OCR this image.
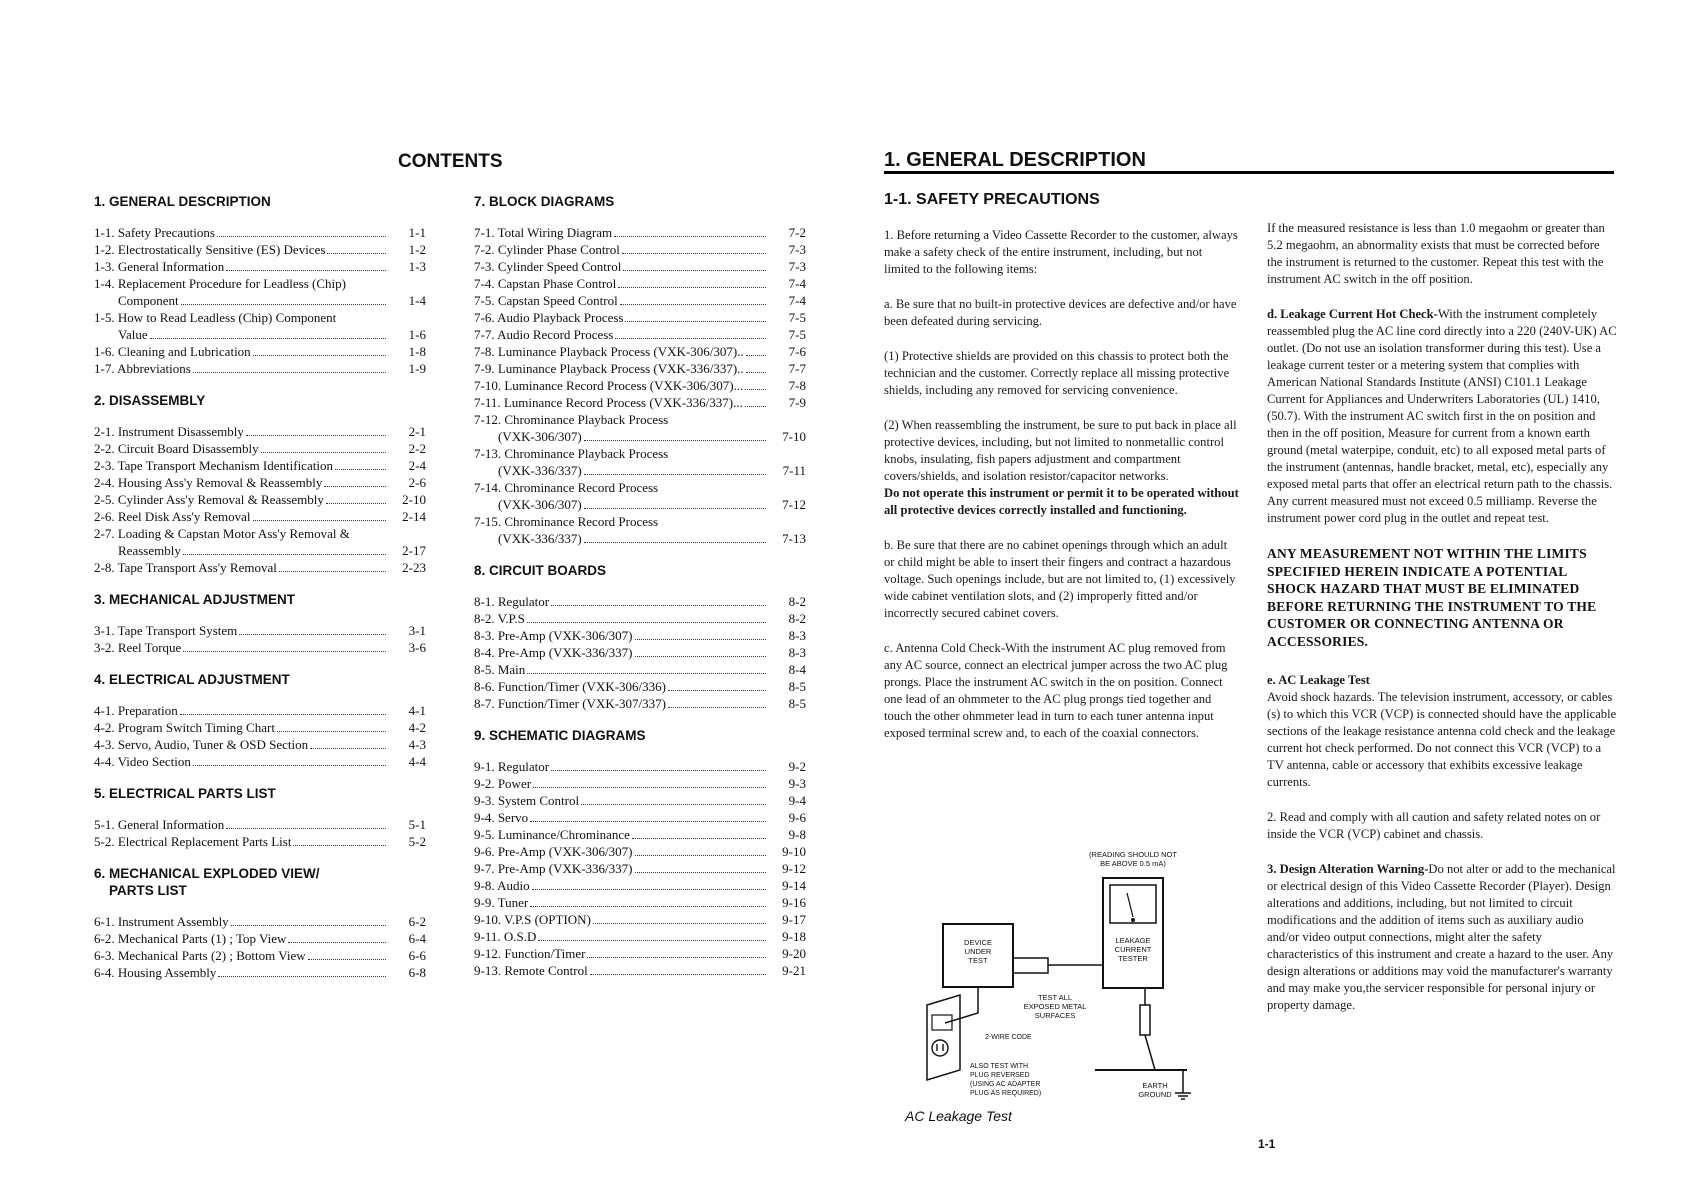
CONTENTS
1. GENERAL DESCRIPTION
1-1. Safety Precautions	1-1
1-2. Electrostatically Sensitive (ES) Devices	1-2
1-3. General Information	1-3
1-4. Replacement Procedure for Leadless (Chip)
Component	1-4
1-5. How to Read Leadless (Chip) Component
Value	1-6
1-6. Cleaning and Lubrication	1-8
1-7. Abbreviations	1-9
2. DISASSEMBLY
2-1. Instrument Disassembly	2-1
2-2. Circuit Board Disassembly	2-2
2-3. Tape Transport Mechanism Identification	2-4
2-4. Housing Ass'y Removal & Reassembly	2-6
2-5. Cylinder Ass'y Removal & Reassembly	2-10
2-6. Reel Disk Ass'y Removal	2-14
2-7. Loading & Capstan Motor Ass'y Removal &
Reassembly	2-17
2-8. Tape Transport Ass'y Removal	2-23
3. MECHANICAL ADJUSTMENT
3-1. Tape Transport System	3-1
3-2. Reel Torque	3-6
4. ELECTRICAL ADJUSTMENT
4-1. Preparation	4-1
4-2. Program Switch Timing Chart	4-2
4-3. Servo, Audio, Tuner & OSD Section	4-3
4-4. Video Section	4-4
5. ELECTRICAL PARTS LIST
5-1. General Information	5-1
5-2. Electrical Replacement Parts List	5-2
6. MECHANICAL EXPLODED VIEW/
PARTS LIST
6-1. Instrument Assembly	6-2
6-2. Mechanical Parts (1) ; Top View	6-4
6-3. Mechanical Parts (2) ; Bottom View	6-6
6-4. Housing Assembly	6-8
7. BLOCK DIAGRAMS
7-1. Total Wiring Diagram	7-2
7-2. Cylinder Phase Control	7-3
7-3. Cylinder Speed Control	7-3
7-4. Capstan Phase Control	7-4
7-5. Capstan Speed Control	7-4
7-6. Audio Playback Process	7-5
7-7. Audio Record Process	7-5
7-8. Luminance Playback Process (VXK-306/307)..	7-6
7-9. Luminance Playback Process (VXK-336/337)..	7-7
7-10. Luminance Record Process (VXK-306/307)...	7-8
7-11. Luminance Record Process (VXK-336/337)...	7-9
7-12. Chrominance Playback Process
(VXK-306/307)	7-10
7-13. Chrominance Playback Process
(VXK-336/337)	7-11
7-14. Chrominance Record Process
(VXK-306/307)	7-12
7-15. Chrominance Record Process
(VXK-336/337)	7-13
8. CIRCUIT BOARDS
8-1. Regulator	8-2
8-2. V.P.S	8-2
8-3. Pre-Amp (VXK-306/307)	8-3
8-4. Pre-Amp (VXK-336/337)	8-3
8-5. Main	8-4
8-6. Function/Timer (VXK-306/336)	8-5
8-7. Function/Timer (VXK-307/337)	8-5
9. SCHEMATIC DIAGRAMS
9-1. Regulator	9-2
9-2. Power	9-3
9-3. System Control	9-4
9-4. Servo	9-6
9-5. Luminance/Chrominance	9-8
9-6. Pre-Amp (VXK-306/307)	9-10
9-7. Pre-Amp (VXK-336/337)	9-12
9-8. Audio	9-14
9-9. Tuner	9-16
9-10. V.P.S (OPTION)	9-17
9-11. O.S.D	9-18
9-12. Function/Timer	9-20
9-13. Remote Control	9-21
1. GENERAL DESCRIPTION
1-1. SAFETY PRECAUTIONS

1. Before returning a Video Cassette Recorder to the customer, always make a safety check of the entire instrument, including, but not limited to the following items:

a. Be sure that no built-in protective devices are defective and/or have been defeated during servicing.

(1) Protective shields are provided on this chassis to protect both the technician and the customer. Correctly replace all missing protective shields, including any removed for servicing convenience.

(2) When reassembling the instrument, be sure to put back in place all protective devices, including, but not limited to nonmetallic control knobs, insulating, fish papers adjustment and compartment covers/shields, and isolation resistor/capacitor networks.

Do not operate this instrument or permit it to be operated without all protective devices correctly installed and functioning.

b. Be sure that there are no cabinet openings through which an adult or child might be able to insert their fingers and contract a hazardous voltage. Such openings include, but are not limited to, (1) excessively wide cabinet ventilation slots, and (2) improperly fitted and/or incorrectly secured cabinet covers.

c. Antenna Cold Check-With the instrument AC plug removed from any AC source, connect an electrical jumper across the two AC plug prongs. Place the instrument AC switch in the on position. Connect one lead of an ohmmeter to the AC plug prongs tied together and touch the other ohmmeter lead in turn to each tuner antenna input exposed terminal screw and, to each of the coaxial connectors.

If the measured resistance is less than 1.0 megaohm or greater than 5.2 megaohm, an abnormality exists that must be corrected before the instrument is returned to the customer. Repeat this test with the instrument AC switch in the off position.

d. Leakage Current Hot Check-With the instrument completely reassembled plug the AC line cord directly into a 220 (240V-UK) AC outlet. (Do not use an isolation transformer during this test). Use a leakage current tester or a metering system that complies with American National Standards Institute (ANSI) C101.1 Leakage Current for Appliances and Underwriters Laboratories (UL) 1410, (50.7). With the instrument AC switch first in the on position and then in the off position, Measure for current from a known earth ground (metal waterpipe, conduit, etc) to all exposed metal parts of the instrument (antennas, handle bracket, metal, etc), especially any exposed metal parts that offer an electrical return path to the chassis. Any current measured must not exceed 0.5 milliamp. Reverse the instrument power cord plug in the outlet and repeat test.

ANY MEASUREMENT NOT WITHIN THE LIMITS SPECIFIED HEREIN INDICATE A POTENTIAL SHOCK HAZARD THAT MUST BE ELIMINATED BEFORE RETURNING THE INSTRUMENT TO THE CUSTOMER OR CONNECTING ANTENNA OR ACCESSORIES.

e. AC Leakage Test
Avoid shock hazards. The television instrument, accessory, or cables (s) to which this VCR (VCP) is connected should have the applicable sections of the leakage resistance antenna cold check and the leakage current hot check performed. Do not connect this VCR (VCP) to a TV antenna, cable or accessory that exhibits excessive leakage currents.

2. Read and comply with all caution and safety related notes on or inside the VCR (VCP) cabinet and chassis.

3. Design Alteration Warning-Do not alter or add to the mechanical or electrical design of this Video Cassette Recorder (Player). Design alterations and additions, including, but not limited to circuit modifications and the addition of items such as auxiliary audio and/or video output connections, might alter the safety characteristics of this instrument and create a hazard to the user. Any design alterations or additions may void the manufacturer's warranty and may make you,the servicer responsible for personal injury or property damage.

(READING SHOULD NOT
BE ABOVE 0.5 mA)
LEAKAGE
CURRENT
TESTER
DEVICE
UNDER
TEST
TEST ALL
EXPOSED METAL
SURFACES
2-WIRE CODE
ALSO TEST WITH
PLUG REVERSED
(USING AC ADAPTER
PLUG AS REQUIRED)
EARTH
GROUND
AC Leakage Test
1-1
